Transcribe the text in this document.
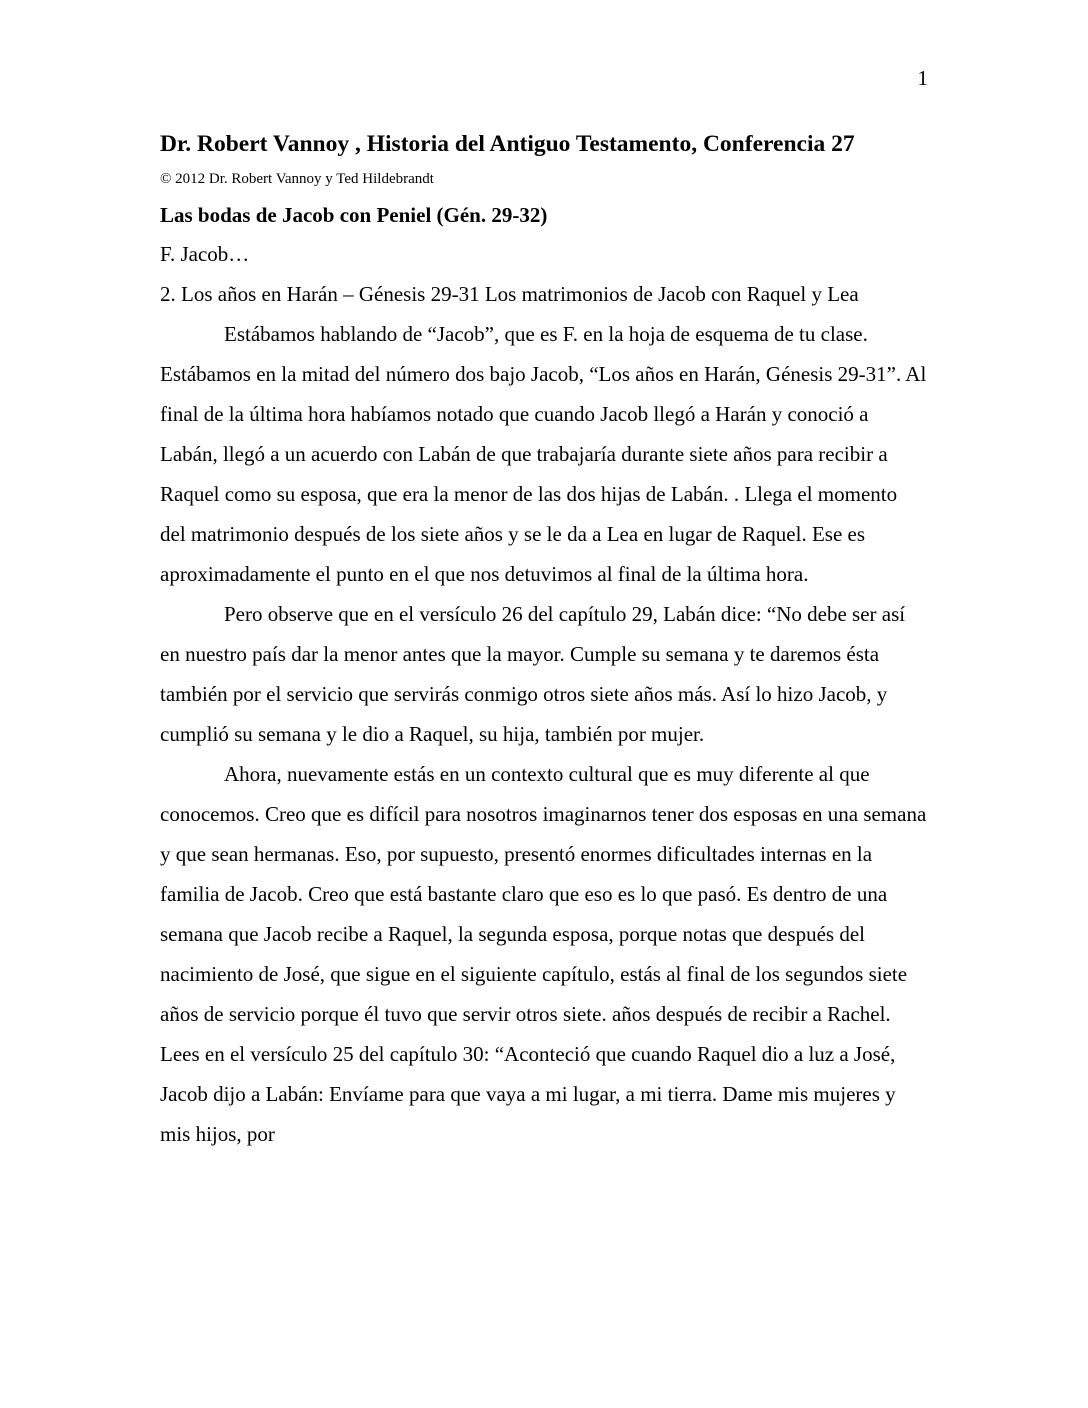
1
Dr. Robert Vannoy , Historia del Antiguo Testamento, Conferencia 27

© 2012 Dr. Robert Vannoy y Ted Hildebrandt

Las bodas de Jacob con Peniel (Gén. 29-32)

F. Jacob…

2. Los años en Harán – Génesis 29-31 Los matrimonios de Jacob con Raquel y Lea

Estábamos hablando de “Jacob”, que es F. en la hoja de esquema de tu clase. Estábamos en la mitad del número dos bajo Jacob, “Los años en Harán, Génesis 29-31”. Al final de la última hora habíamos notado que cuando Jacob llegó a Harán y conoció a Labán, llegó a un acuerdo con Labán de que trabajaría durante siete años para recibir a Raquel como su esposa, que era la menor de las dos hijas de Labán. . Llega el momento del matrimonio después de los siete años y se le da a Lea en lugar de Raquel. Ese es aproximadamente el punto en el que nos detuvimos al final de la última hora.

Pero observe que en el versículo 26 del capítulo 29, Labán dice: “No debe ser así en nuestro país dar la menor antes que la mayor. Cumple su semana y te daremos ésta también por el servicio que servirás conmigo otros siete años más. Así lo hizo Jacob, y cumplió su semana y le dio a Raquel, su hija, también por mujer.

Ahora, nuevamente estás en un contexto cultural que es muy diferente al que conocemos. Creo que es difícil para nosotros imaginarnos tener dos esposas en una semana y que sean hermanas. Eso, por supuesto, presentó enormes dificultades internas en la familia de Jacob. Creo que está bastante claro que eso es lo que pasó. Es dentro de una semana que Jacob recibe a Raquel, la segunda esposa, porque notas que después del nacimiento de José, que sigue en el siguiente capítulo, estás al final de los segundos siete años de servicio porque él tuvo que servir otros siete. años después de recibir a Rachel. Lees en el versículo 25 del capítulo 30: “Aconteció que cuando Raquel dio a luz a José, Jacob dijo a Labán: Envíame para que vaya a mi lugar, a mi tierra. Dame mis mujeres y mis hijos, por
